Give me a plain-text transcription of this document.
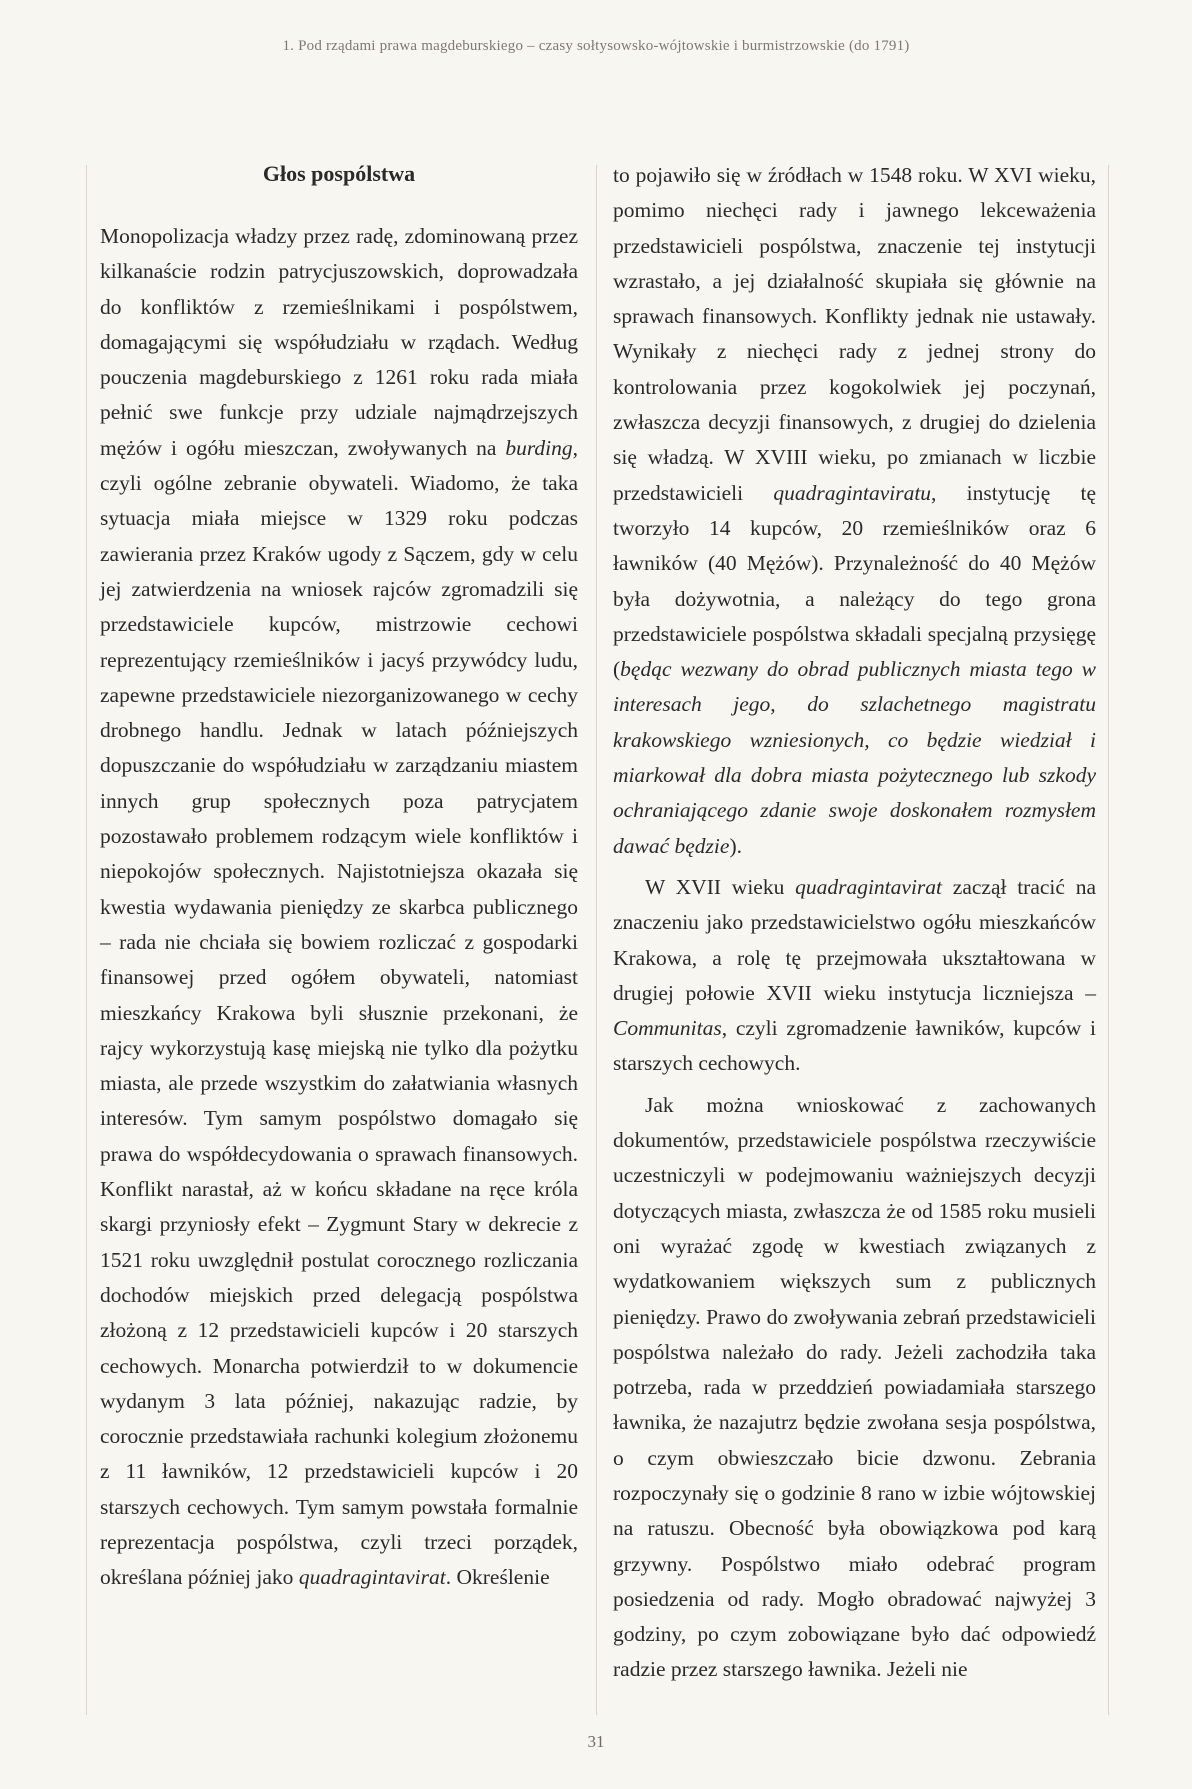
1. Pod rządami prawa magdeburskiego – czasy sołtysowsko-wójtowskie i burmistrzowskie (do 1791)
Głos pospólstwa

Monopolizacja władzy przez radę, zdominowaną przez kilkanaście rodzin patrycjuszowskich, doprowadzała do konfliktów z rzemieślnikami i pospólstwem, domagającymi się współudziału w rządach. Według pouczenia magdeburskiego z 1261 roku rada miała pełnić swe funkcje przy udziale najmądrzejszych mężów i ogółu mieszczan, zwoływanych na burding, czyli ogólne zebranie obywateli. Wiadomo, że taka sytuacja miała miejsce w 1329 roku podczas zawierania przez Kraków ugody z Sączem, gdy w celu jej zatwierdzenia na wniosek rajców zgromadzili się przedstawiciele kupców, mistrzowie cechowi reprezentujący rzemieślników i jacyś przywódcy ludu, zapewne przedstawiciele niezorganizowanego w cechy drobnego handlu. Jednak w latach późniejszych dopuszczanie do współudziału w zarządzaniu miastem innych grup społecznych poza patrycjatem pozostawało problemem rodzącym wiele konfliktów i niepokojów społecznych. Najistotniejsza okazała się kwestia wydawania pieniędzy ze skarbca publicznego – rada nie chciała się bowiem rozliczać z gospodarki finansowej przed ogółem obywateli, natomiast mieszkańcy Krakowa byli słusznie przekonani, że rajcy wykorzystują kasę miejską nie tylko dla pożytku miasta, ale przede wszystkim do załatwiania własnych interesów. Tym samym pospólstwo domagało się prawa do współdecydowania o sprawach finansowych. Konflikt narastał, aż w końcu składane na ręce króla skargi przyniosły efekt – Zygmunt Stary w dekrecie z 1521 roku uwzględnił postulat corocznego rozliczania dochodów miejskich przed delegacją pospólstwa złożoną z 12 przedstawicieli kupców i 20 starszych cechowych. Monarcha potwierdził to w dokumencie wydanym 3 lata później, nakazując radzie, by corocznie przedstawiała rachunki kolegium złożonemu z 11 ławników, 12 przedstawicieli kupców i 20 starszych cechowych. Tym samym powstała formalnie reprezentacja pospólstwa, czyli trzeci porządek, określana później jako quadragintavirat. Określenie

to pojawiło się w źródłach w 1548 roku. W XVI wieku, pomimo niechęci rady i jawnego lekceważenia przedstawicieli pospólstwa, znaczenie tej instytucji wzrastało, a jej działalność skupiała się głównie na sprawach finansowych. Konflikty jednak nie ustawały. Wynikały z niechęci rady z jednej strony do kontrolowania przez kogokolwiek jej poczynań, zwłaszcza decyzji finansowych, z drugiej do dzielenia się władzą. W XVIII wieku, po zmianach w liczbie przedstawicieli quadragintaviratu, instytucję tę tworzyło 14 kupców, 20 rzemieślników oraz 6 ławników (40 Mężów). Przynależność do 40 Mężów była dożywotnia, a należący do tego grona przedstawiciele pospólstwa składali specjalną przysięgę (będąc wezwany do obrad publicznych miasta tego w interesach jego, do szlachetnego magistratu krakowskiego wzniesionych, co będzie wiedział i miarkował dla dobra miasta pożytecznego lub szkody ochraniającego zdanie swoje doskonałem rozmysłem dawać będzie).

W XVII wieku quadragintavirat zaczął tracić na znaczeniu jako przedstawicielstwo ogółu mieszkańców Krakowa, a rolę tę przejmowała ukształtowana w drugiej połowie XVII wieku instytucja liczniejsza – Communitas, czyli zgromadzenie ławników, kupców i starszych cechowych.

Jak można wnioskować z zachowanych dokumentów, przedstawiciele pospólstwa rzeczywiście uczestniczyli w podejmowaniu ważniejszych decyzji dotyczących miasta, zwłaszcza że od 1585 roku musieli oni wyrażać zgodę w kwestiach związanych z wydatkowaniem większych sum z publicznych pieniędzy. Prawo do zwoływania zebrań przedstawicieli pospólstwa należało do rady. Jeżeli zachodziła taka potrzeba, rada w przeddzień powiadamiała starszego ławnika, że nazajutrz będzie zwołana sesja pospólstwa, o czym obwieszczało bicie dzwonu. Zebrania rozpoczynały się o godzinie 8 rano w izbie wójtowskiej na ratuszu. Obecność była obowiązkowa pod karą grzywny. Pospólstwo miało odebrać program posiedzenia od rady. Mogło obradować najwyżej 3 godziny, po czym zobowiązane było dać odpowiedź radzie przez starszego ławnika. Jeżeli nie

31
